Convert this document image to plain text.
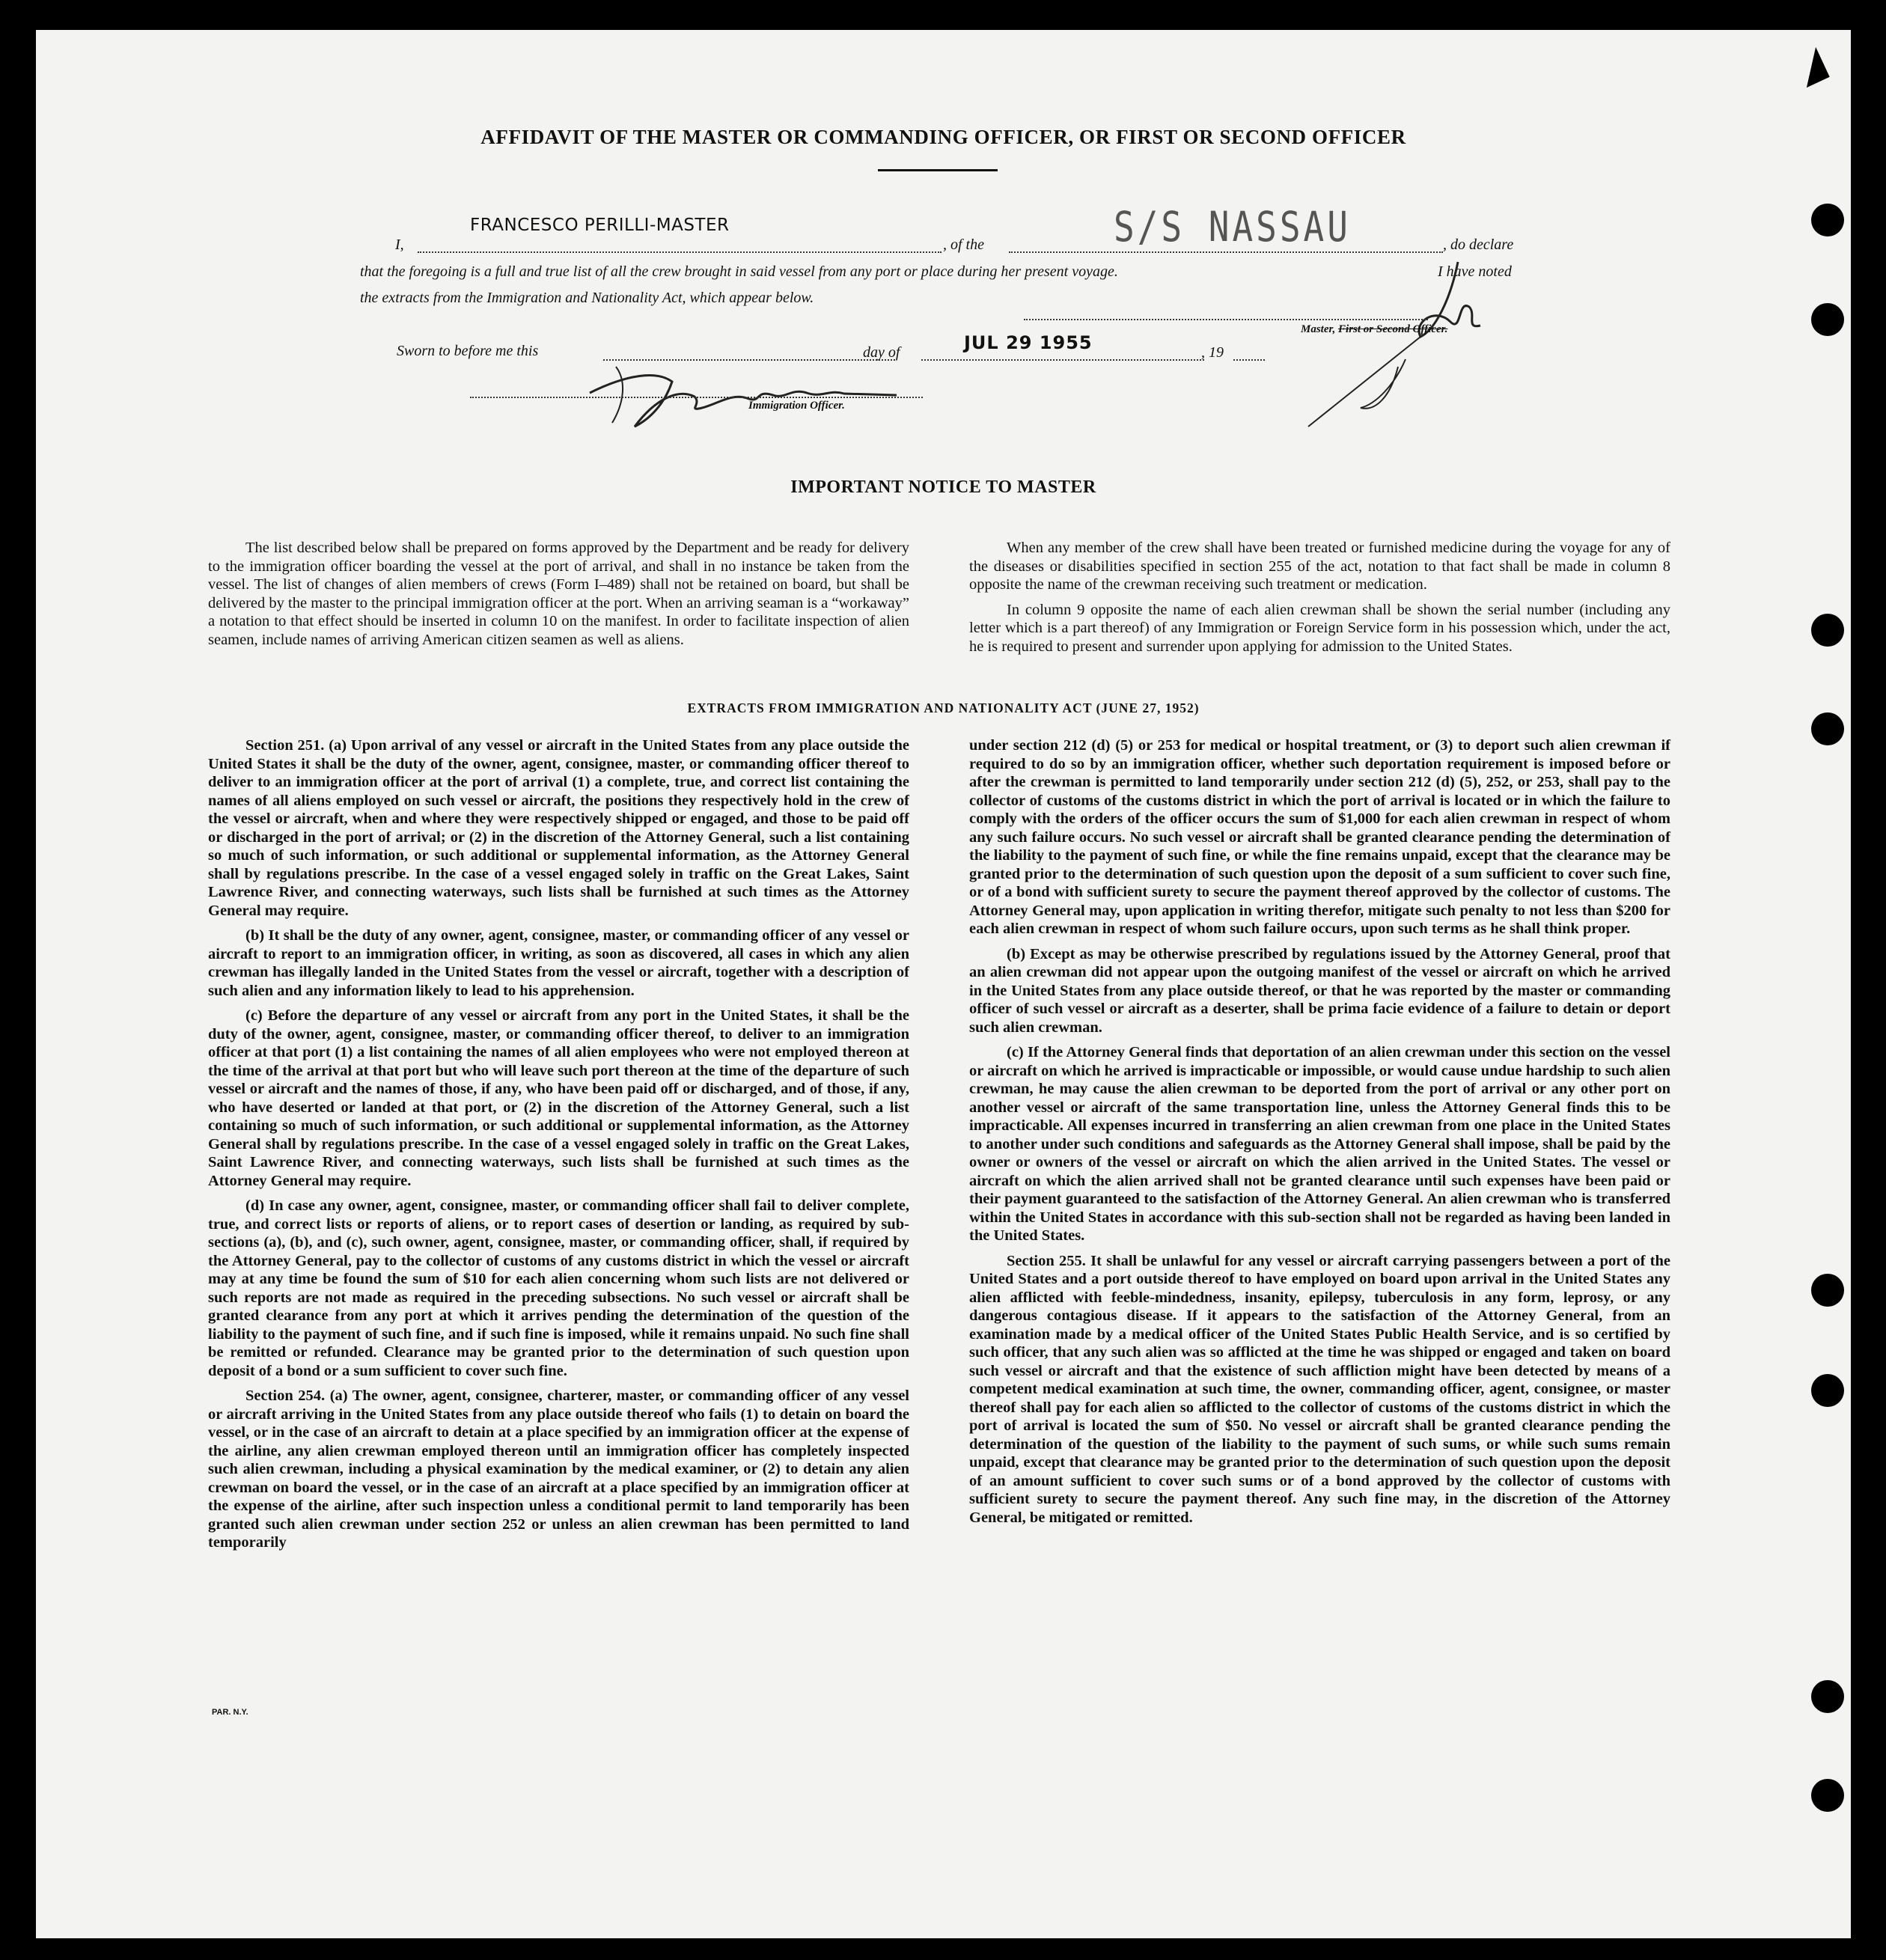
AFFIDAVIT OF THE MASTER OR COMMANDING OFFICER, OR FIRST OR SECOND OFFICER
I,
FRANCESCO PERILLI-MASTER
, of the	S/S NASSAU	, do declare
that the foregoing is a full and true list of all the crew brought in said vessel from any port or place during her present voyage.	I have noted
the extracts from the Immigration and Nationality Act, which appear below.
Master, First or Second Officer.
Sworn to before me this	day of	JUL 29 1955	, 19
Immigration Officer.
IMPORTANT NOTICE TO MASTER

The list described below shall be prepared on forms approved by the Department and be ready for delivery to the immigration officer boarding the vessel at the port of arrival, and shall in no instance be taken from the vessel. The list of changes of alien members of crews (Form I–489) shall not be retained on board, but shall be delivered by the master to the principal immigration officer at the port. When an arriving seaman is a “workaway” a notation to that effect should be inserted in column 10 on the manifest. In order to facilitate inspection of alien seamen, include names of arriving American citizen seamen as well as aliens.

When any member of the crew shall have been treated or furnished medicine during the voyage for any of the diseases or disabilities specified in section 255 of the act, notation to that fact shall be made in column 8 opposite the name of the crewman receiving such treatment or medication.

In column 9 opposite the name of each alien crewman shall be shown the serial number (including any letter which is a part thereof) of any Immigration or Foreign Service form in his possession which, under the act, he is required to present and surrender upon applying for admission to the United States.

EXTRACTS FROM IMMIGRATION AND NATIONALITY ACT (JUNE 27, 1952)

Section 251. (a) Upon arrival of any vessel or aircraft in the United States from any place outside the United States it shall be the duty of the owner, agent, consignee, master, or commanding officer thereof to deliver to an immigration officer at the port of arrival (1) a complete, true, and correct list containing the names of all aliens employed on such vessel or aircraft, the positions they respectively hold in the crew of the vessel or aircraft, when and where they were respectively shipped or engaged, and those to be paid off or discharged in the port of arrival; or (2) in the discretion of the Attorney General, such a list containing so much of such information, or such additional or supplemental information, as the Attorney General shall by regulations prescribe. In the case of a vessel engaged solely in traffic on the Great Lakes, Saint Lawrence River, and connecting waterways, such lists shall be furnished at such times as the Attorney General may require.

(b) It shall be the duty of any owner, agent, consignee, master, or commanding officer of any vessel or aircraft to report to an immigration officer, in writing, as soon as discovered, all cases in which any alien crewman has illegally landed in the United States from the vessel or aircraft, together with a description of such alien and any information likely to lead to his apprehension.

(c) Before the departure of any vessel or aircraft from any port in the United States, it shall be the duty of the owner, agent, consignee, master, or commanding officer thereof, to deliver to an immigration officer at that port (1) a list containing the names of all alien employees who were not employed thereon at the time of the arrival at that port but who will leave such port thereon at the time of the departure of such vessel or aircraft and the names of those, if any, who have been paid off or discharged, and of those, if any, who have deserted or landed at that port, or (2) in the discretion of the Attorney General, such a list containing so much of such information, or such additional or supplemental information, as the Attorney General shall by regulations prescribe. In the case of a vessel engaged solely in traffic on the Great Lakes, Saint Lawrence River, and connecting waterways, such lists shall be furnished at such times as the Attorney General may require.

(d) In case any owner, agent, consignee, master, or commanding officer shall fail to deliver complete, true, and correct lists or reports of aliens, or to report cases of desertion or landing, as required by sub-sections (a), (b), and (c), such owner, agent, consignee, master, or commanding officer, shall, if required by the Attorney General, pay to the collector of customs of any customs district in which the vessel or aircraft may at any time be found the sum of $10 for each alien concerning whom such lists are not delivered or such reports are not made as required in the preceding subsections. No such vessel or aircraft shall be granted clearance from any port at which it arrives pending the determination of the question of the liability to the payment of such fine, and if such fine is imposed, while it remains unpaid. No such fine shall be remitted or refunded. Clearance may be granted prior to the determination of such question upon deposit of a bond or a sum sufficient to cover such fine.

Section 254. (a) The owner, agent, consignee, charterer, master, or commanding officer of any vessel or aircraft arriving in the United States from any place outside thereof who fails (1) to detain on board the vessel, or in the case of an aircraft to detain at a place specified by an immigration officer at the expense of the airline, any alien crewman employed thereon until an immigration officer has completely inspected such alien crewman, including a physical examination by the medical examiner, or (2) to detain any alien crewman on board the vessel, or in the case of an aircraft at a place specified by an immigration officer at the expense of the airline, after such inspection unless a conditional permit to land temporarily has been granted such alien crewman under section 252 or unless an alien crewman has been permitted to land temporarily

under section 212 (d) (5) or 253 for medical or hospital treatment, or (3) to deport such alien crewman if required to do so by an immigration officer, whether such deportation requirement is imposed before or after the crewman is permitted to land temporarily under section 212 (d) (5), 252, or 253, shall pay to the collector of customs of the customs district in which the port of arrival is located or in which the failure to comply with the orders of the officer occurs the sum of $1,000 for each alien crewman in respect of whom any such failure occurs. No such vessel or aircraft shall be granted clearance pending the determination of the liability to the payment of such fine, or while the fine remains unpaid, except that the clearance may be granted prior to the determination of such question upon the deposit of a sum sufficient to cover such fine, or of a bond with sufficient surety to secure the payment thereof approved by the collector of customs. The Attorney General may, upon application in writing therefor, mitigate such penalty to not less than $200 for each alien crewman in respect of whom such failure occurs, upon such terms as he shall think proper.

(b) Except as may be otherwise prescribed by regulations issued by the Attorney General, proof that an alien crewman did not appear upon the outgoing manifest of the vessel or aircraft on which he arrived in the United States from any place outside thereof, or that he was reported by the master or commanding officer of such vessel or aircraft as a deserter, shall be prima facie evidence of a failure to detain or deport such alien crewman.

(c) If the Attorney General finds that deportation of an alien crewman under this section on the vessel or aircraft on which he arrived is impracticable or impossible, or would cause undue hardship to such alien crewman, he may cause the alien crewman to be deported from the port of arrival or any other port on another vessel or aircraft of the same transportation line, unless the Attorney General finds this to be impracticable. All expenses incurred in transferring an alien crewman from one place in the United States to another under such conditions and safeguards as the Attorney General shall impose, shall be paid by the owner or owners of the vessel or aircraft on which the alien arrived in the United States. The vessel or aircraft on which the alien arrived shall not be granted clearance until such expenses have been paid or their payment guaranteed to the satisfaction of the Attorney General. An alien crewman who is transferred within the United States in accordance with this sub-section shall not be regarded as having been landed in the United States.

Section 255. It shall be unlawful for any vessel or aircraft carrying passengers between a port of the United States and a port outside thereof to have employed on board upon arrival in the United States any alien afflicted with feeble-mindedness, insanity, epilepsy, tuberculosis in any form, leprosy, or any dangerous contagious disease. If it appears to the satisfaction of the Attorney General, from an examination made by a medical officer of the United States Public Health Service, and is so certified by such officer, that any such alien was so afflicted at the time he was shipped or engaged and taken on board such vessel or aircraft and that the existence of such affliction might have been detected by means of a competent medical examination at such time, the owner, commanding officer, agent, consignee, or master thereof shall pay for each alien so afflicted to the collector of customs of the customs district in which the port of arrival is located the sum of $50. No vessel or aircraft shall be granted clearance pending the determination of the question of the liability to the payment of such sums, or while such sums remain unpaid, except that clearance may be granted prior to the determination of such question upon the deposit of an amount sufficient to cover such sums or of a bond approved by the collector of customs with sufficient surety to secure the payment thereof. Any such fine may, in the discretion of the Attorney General, be mitigated or remitted.

PAR. N.Y.
